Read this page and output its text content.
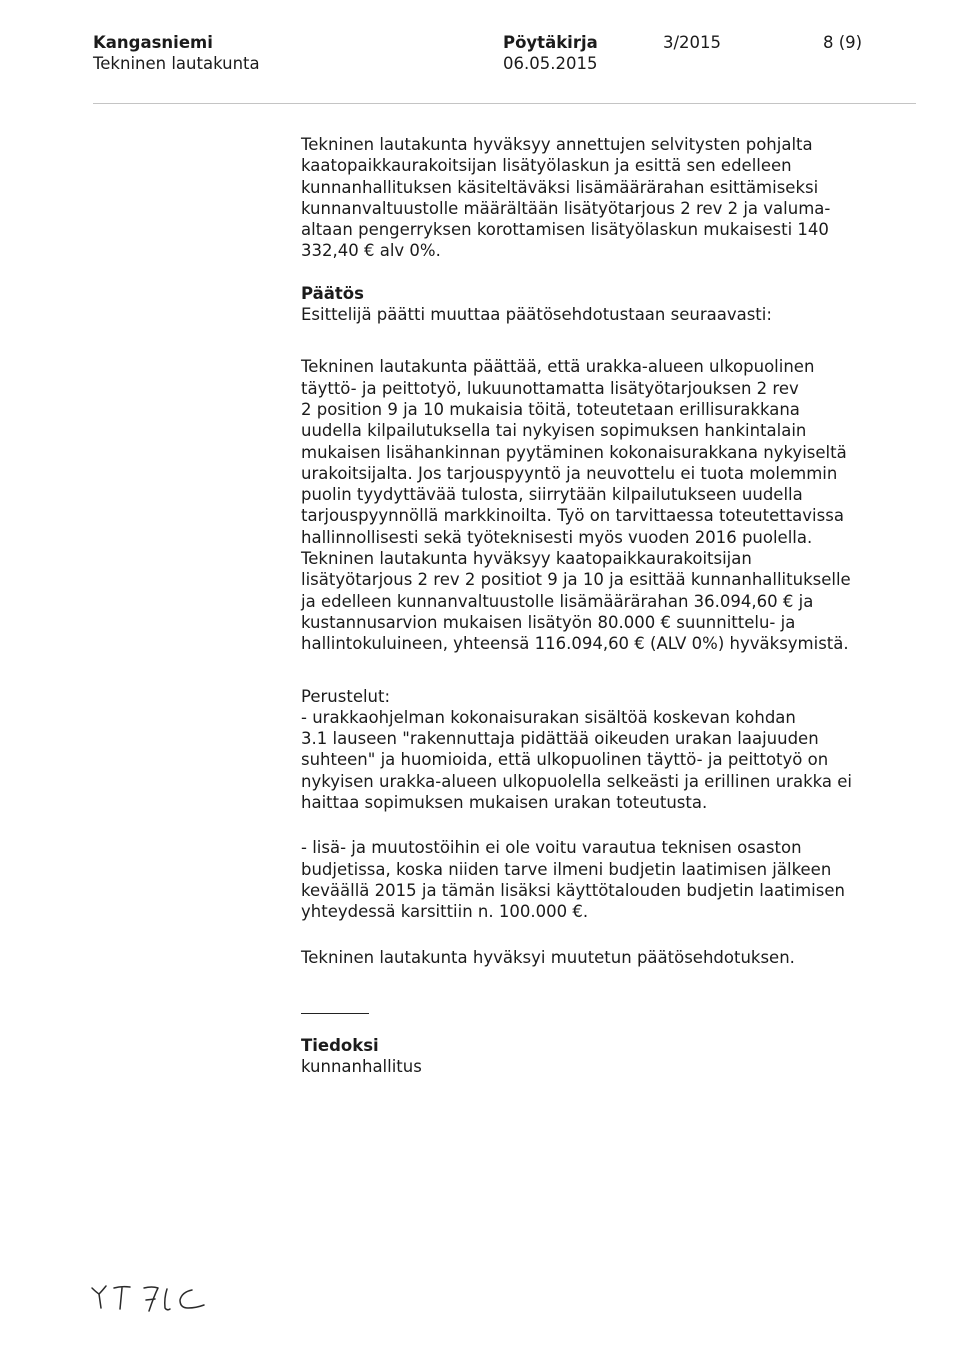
Kangasniemi
Tekninen lautakunta
Pöytäkirja
06.05.2015
3/2015	8 (9)

Tekninen lautakunta hyväksyy annettujen selvitysten pohjalta
kaatopaikkaurakoitsijan lisätyölaskun ja esittä sen edelleen
kunnanhallituksen käsiteltäväksi lisämäärärahan esittämiseksi
kunnanvaltuustolle määrältään lisätyötarjous 2 rev 2 ja valuma-
altaan pengerryksen korottamisen lisätyölaskun mukaisesti 140
332,40 € alv 0%.

Päätös

Esittelijä päätti muuttaa päätösehdotustaan seuraavasti:

Tekninen lautakunta päättää, että urakka-alueen ulkopuolinen
täyttö- ja peittotyö, lukuunottamatta lisätyötarjouksen 2 rev
2 position 9 ja 10 mukaisia töitä, toteutetaan erillisurakkana
uudella kilpailutuksella tai nykyisen sopimuksen hankintalain
mukaisen lisähankinnan pyytäminen kokonaisurakkana nykyiseltä
urakoitsijalta. Jos tarjouspyyntö ja neuvottelu ei tuota molemmin
puolin tyydyttävää tulosta, siirrytään kilpailutukseen uudella
tarjouspyynnöllä markkinoilta. Työ on tarvittaessa toteutettavissa
hallinnollisesti sekä työteknisesti myös vuoden 2016 puolella.
Tekninen lautakunta hyväksyy kaatopaikkaurakoitsijan
lisätyötarjous 2 rev 2 positiot 9 ja 10 ja esittää kunnanhallitukselle
ja edelleen kunnanvaltuustolle lisämäärärahan 36.094,60 € ja
kustannusarvion mukaisen lisätyön 80.000 € suunnittelu- ja
hallintokuluineen, yhteensä 116.094,60 € (ALV 0%) hyväksymistä.

Perustelut:

- urakkaohjelman kokonaisurakan sisältöä koskevan kohdan
3.1 lauseen "rakennuttaja pidättää oikeuden urakan laajuuden
suhteen" ja huomioida, että ulkopuolinen täyttö- ja peittotyö on
nykyisen urakka-alueen ulkopuolella selkeästi ja erillinen urakka ei
haittaa sopimuksen mukaisen urakan toteutusta.

- lisä- ja muutostöihin ei ole voitu varautua teknisen osaston
budjetissa, koska niiden tarve ilmeni budjetin laatimisen jälkeen
keväällä 2015 ja tämän lisäksi käyttötalouden budjetin laatimisen
yhteydessä karsittiin n. 100.000 €.

Tekninen lautakunta hyväksyi muutetun päätösehdotuksen.

Tiedoksi

kunnanhallitus
